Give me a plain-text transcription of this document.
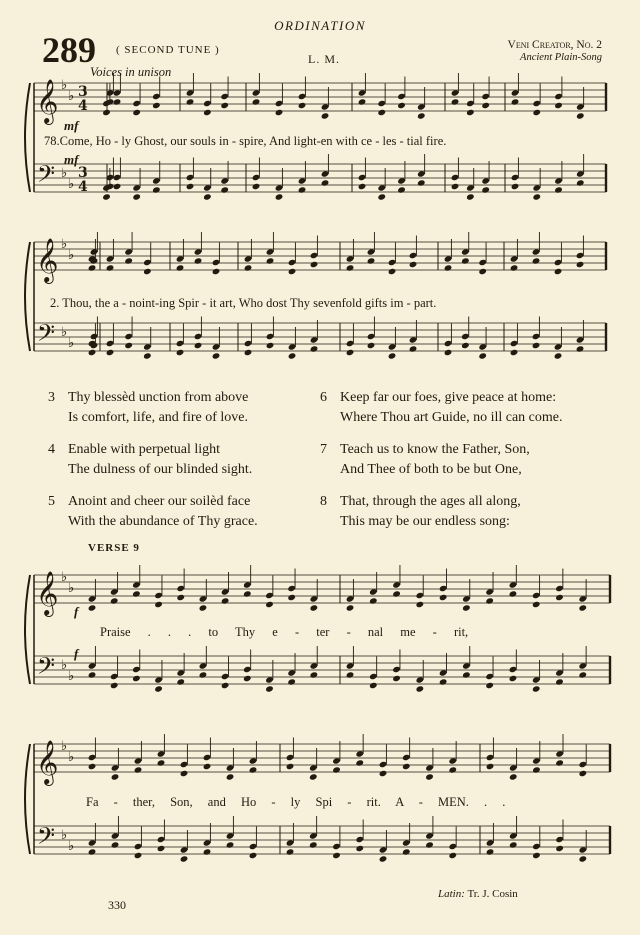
ORDINATION
289 ( SECOND TUNE )
L. M.
Veni Creator, No. 2
Ancient Plain-Song
Voices in unison
𝄞 ♭
♭ 3
4
𝄢 ♭
♭
3
4
𝄞 ♭
♭
𝄢 ♭
♭
𝄞 ♭
♭
𝄢 ♭
♭
𝄞 ♭
♭
𝄢 ♭
♭
mf
mf
f
f
78.Come, Ho - ly Ghost, our souls in - spire, And light-en with ce - les - tial fire.
2. Thou, the a - noint-ing Spir - it art, Who dost Thy sevenfold gifts im - part.
Praise . . . to Thy e - ter - nal me - rit,
Fa - ther, Son, and Ho - ly Spi - rit. A - MEN. . .
3 Thy blessèd unction from above
Is comfort, life, and fire of love.
4 Enable with perpetual light
The dulness of our blinded sight.
5 Anoint and cheer our soilèd face
With the abundance of Thy grace.
6 Keep far our foes, give peace at home:
Where Thou art Guide, no ill can come.
7 Teach us to know the Father, Son,
And Thee of both to be but One,
8 That, through the ages all along,
This may be our endless song:
VERSE 9
330
Latin: Tr. J. Cosin
